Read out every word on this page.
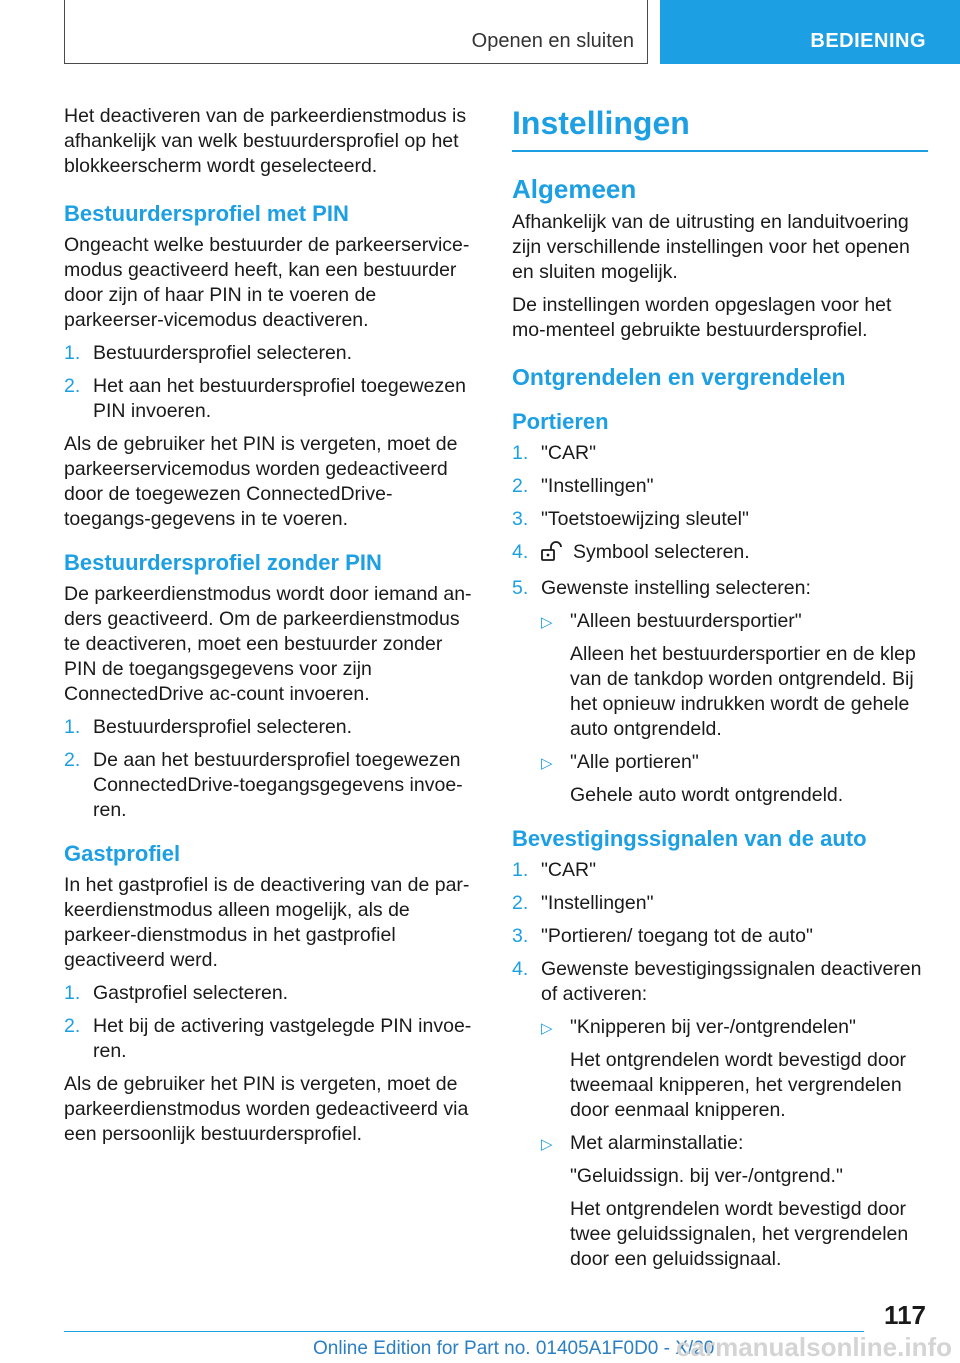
Openen en sluiten	BEDIENING

Het deactiveren van de parkeerdienstmodus is afhankelijk van welk bestuurdersprofiel op het blokkeerscherm wordt geselecteerd.

Bestuurdersprofiel met PIN

Ongeacht welke bestuurder de parkeerservice-modus geactiveerd heeft, kan een bestuurder door zijn of haar PIN in te voeren de parkeerser-vicemodus deactiveren.

1. Bestuurdersprofiel selecteren.
2. Het aan het bestuurdersprofiel toegewezen PIN invoeren.

Als de gebruiker het PIN is vergeten, moet de parkeerservicemodus worden gedeactiveerd door de toegewezen ConnectedDrive-toegangs-gegevens in te voeren.

Bestuurdersprofiel zonder PIN

De parkeerdienstmodus wordt door iemand an-ders geactiveerd. Om de parkeerdienstmodus te deactiveren, moet een bestuurder zonder PIN de toegangsgegevens voor zijn ConnectedDrive ac-count invoeren.

1. Bestuurdersprofiel selecteren.
2. De aan het bestuurdersprofiel toegewezen ConnectedDrive-toegangsgegevens invoe-ren.
Gastprofiel

In het gastprofiel is de deactivering van de par-keerdienstmodus alleen mogelijk, als de parkeer-dienstmodus in het gastprofiel geactiveerd werd.

1. Gastprofiel selecteren.
2. Het bij de activering vastgelegde PIN invoe-ren.

Als de gebruiker het PIN is vergeten, moet de parkeerdienstmodus worden gedeactiveerd via een persoonlijk bestuurdersprofiel.

Instellingen
Algemeen

Afhankelijk van de uitrusting en landuitvoering zijn verschillende instellingen voor het openen en sluiten mogelijk.

De instellingen worden opgeslagen voor het mo-menteel gebruikte bestuurdersprofiel.

Ontgrendelen en vergrendelen
Portieren
1. "CAR"
2. "Instellingen"
3. "Toetstoewijzing sleutel"
4. Symbool selecteren.
5. Gewenste instelling selecteren:
▷ "Alleen bestuurdersportier"
Alleen het bestuurdersportier en de klep van de tankdop worden ontgrendeld. Bij het opnieuw indrukken wordt de gehele auto ontgrendeld.
▷ "Alle portieren"
Gehele auto wordt ontgrendeld.
Bevestigingssignalen van de auto
1. "CAR"
2. "Instellingen"
3. "Portieren/ toegang tot de auto"
4. Gewenste bevestigingssignalen deactiveren of activeren:
▷ "Knipperen bij ver-/ontgrendelen"
Het ontgrendelen wordt bevestigd door tweemaal knipperen, het vergrendelen door eenmaal knipperen.
▷ Met alarminstallatie:
"Geluidssign. bij ver-/ontgrend."
Het ontgrendelen wordt bevestigd door twee geluidssignalen, het vergrendelen door een geluidssignaal.
117
Online Edition for Part no. 01405A1F0D0 - X/20
carmanualsonline.info
